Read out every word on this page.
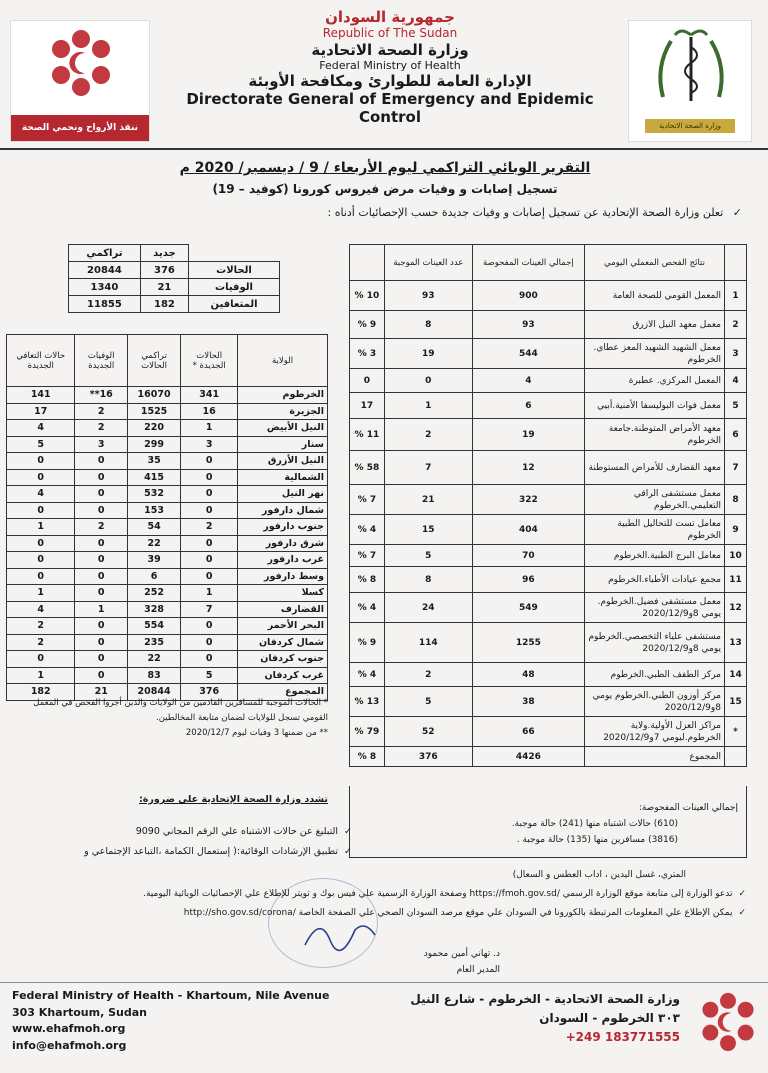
ننقذ الأرواح ونحمي الصحة
جمهورية السودان
Republic of The Sudan
وزارة الصحة الاتحادية
Federal Ministry of Health
الإدارة العامة للطوارئ ومكافحة الأوبئة
Directorate General of Emergency and Epidemic Control	وزارة الصحة الاتحادية
التقرير الوبائي التراكمي ليوم الأربعاء / 9 / ديسمبر/ 2020 م
تسجيل إصابات و وفيات مرض فيروس كورونا (كوفيد – 19)
✓ تعلن وزارة الصحة الإتحادية عن تسجيل إصابات و وفيات جديدة حسب الإحصائيات أدناه :
	جديد	تراكمي
الحالات	376	20844
الوفيات	21	1340
المتعافين	182	11855
الولاية	الحالات الجديدة *	تراكمي الحالات	الوفيات الجديدة	حالات التعافي الجديدة
الخرطوم	341	16070	16**	141
الجزيرة	16	1525	2	17
النيل الأبيض	1	220	2	4
سنار	3	299	3	5
النيل الأزرق	0	35	0	0
الشمالية	0	415	0	0
نهر النيل	0	532	0	4
شمال دارفور	0	153	0	0
جنوب دارفور	2	54	2	1
شرق دارفور	0	22	0	0
غرب دارفور	0	39	0	0
وسط دارفور	0	6	0	0
كسلا	1	252	0	1
القضارف	7	328	1	4
البحر الأحمر	0	554	0	2
شمال كردفان	0	235	0	2
جنوب كردفان	0	22	0	0
غرب كردفان	5	83	0	1
المجموع	376	20844	21	182
* الحالات الموجبة للمسافرين القادمين من الولايات والذين أجروا الفحص في المعمل القومي تسجل للولايات لضمان متابعة المخالطين.
** من ضمنها 3 وفيات ليوم 2020/12/7
	نتائج الفحص المعملي اليومي	إجمالي العينات المفحوصة	عدد العينات الموجبة	
1	المعمل القومي للصحة العامة	900	93	10 %
2	معمل معهد النيل الازرق	93	8	9 %
3	معمل الشهيد الشهيد المعز عطاي. الخرطوم	544	19	3 %
4	المعمل المركزي. عطبرة	4	0	0
5	معمل فوات البوليسفا الأمنية.أبيي	6	1	17
6	معهد الأمراض المتوطنة.جامعة الخرطوم	19	2	11 %
7	معهد القضارف للأمراض المستوطنة	12	7	58 %
8	معمل مستشفى الراقي التعليمي.الخرطوم	322	21	7 %
9	معامل تست للتحاليل الطبية الخرطوم	404	15	4 %
10	معامل البرج الطبية.الخرطوم	70	5	7 %
11	مجمع عيادات الأطباء.الخرطوم	96	8	8 %
12	معمل مستشفى فضيل.الخرطوم. يومي 8و2020/12/9	549	24	4 %
13	مستشفى علياء التخصصي.الخرطوم يومي 8و2020/12/9	1255	114	9 %
14	مركز الطفف الطبي.الخرطوم	48	2	4 %
15	مركز أوزون الطبي.الخرطوم يومي 8و2020/12/9	38	5	13 %
*	مراكز العزل الأولية.ولاية الخرطوم.ليومي 7و2020/12/9	66	52	79 %
	المجموع	4426	376	8 %
إجمالي العينات المفحوصة:
(610) حالات اشتباه منها (241) حالة موجبة.
(3816) مسافرين منها (135) حالة موجبة .
تشدد وزارة الصحة الإتحادية علي ضرورة:
✓التبليغ عن حالات الاشتباه علي الرقم المجاني 9090
✓تطبيق الإرشادات الوقائية:( إستعمال الكمامة ،التباعد الإجتماعي و
المتري، غسل اليدين ، اداب العطس و السعال)
✓تدعو الوزارة إلى متابعة موقع الوزارة الرسمي /https://fmoh.gov.sd وصفحة الوزارة الرسمية علي فيس بوك و تويتر للإطلاع علي الإحصائيات الوبائية اليومية.
✓يمكن الإطلاع علي المعلومات المرتبطة بالكورونا في السودان علي موقع مرصد السودان الصحي علي الصفحة الخاصة /http://sho.gov.sd/corona
د. تهاني أمين محمود
المدير العام
Federal Ministry of Health - Khartoum, Nile Avenue
303 Khartoum, Sudan
www.ehafmoh.org
info@ehafmoh.org
وزارة الصحة الاتحادية - الخرطوم - شارع النيل
٣٠٣ الخرطوم - السودان
+249 183771555
